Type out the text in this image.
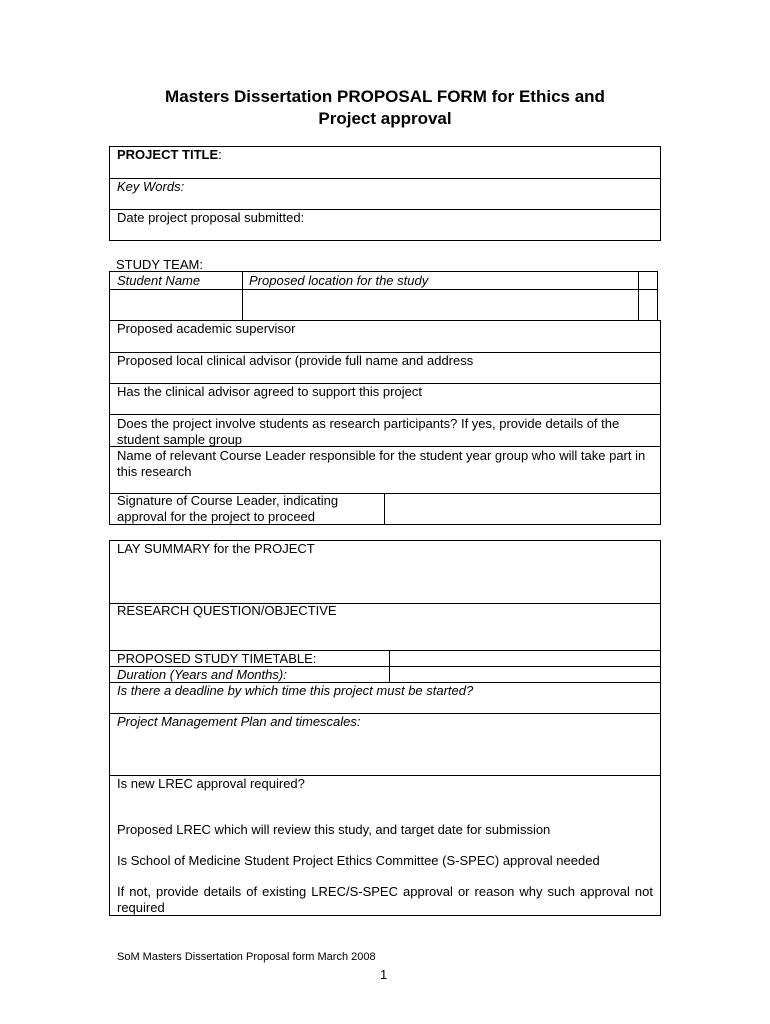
Masters Dissertation PROPOSAL FORM for Ethics and
Project approval
PROJECT TITLE:
Key Words:
Date project proposal submitted:
STUDY TEAM:
Student Name	Proposed location for the study
Proposed academic supervisor
Proposed local clinical advisor (provide full name and address
Has the clinical advisor agreed to support this project
Does the project involve students as research participants? If yes, provide details of the student sample group
Name of relevant Course Leader responsible for the student year group who will take part in this research
Signature of Course Leader, indicating approval for the project to proceed
LAY SUMMARY for the PROJECT
RESEARCH QUESTION/OBJECTIVE
PROPOSED STUDY TIMETABLE:
Duration (Years and Months):
Is there a deadline by which time this project must be started?
Project Management Plan and timescales:
Is new LREC approval required?
Proposed LREC which will review this study, and target date for submission
Is School of Medicine Student Project Ethics Committee (S-SPEC) approval needed
If not, provide details of existing LREC/S-SPEC approval or reason why such approval not required
SoM Masters Dissertation Proposal form March 2008
1
